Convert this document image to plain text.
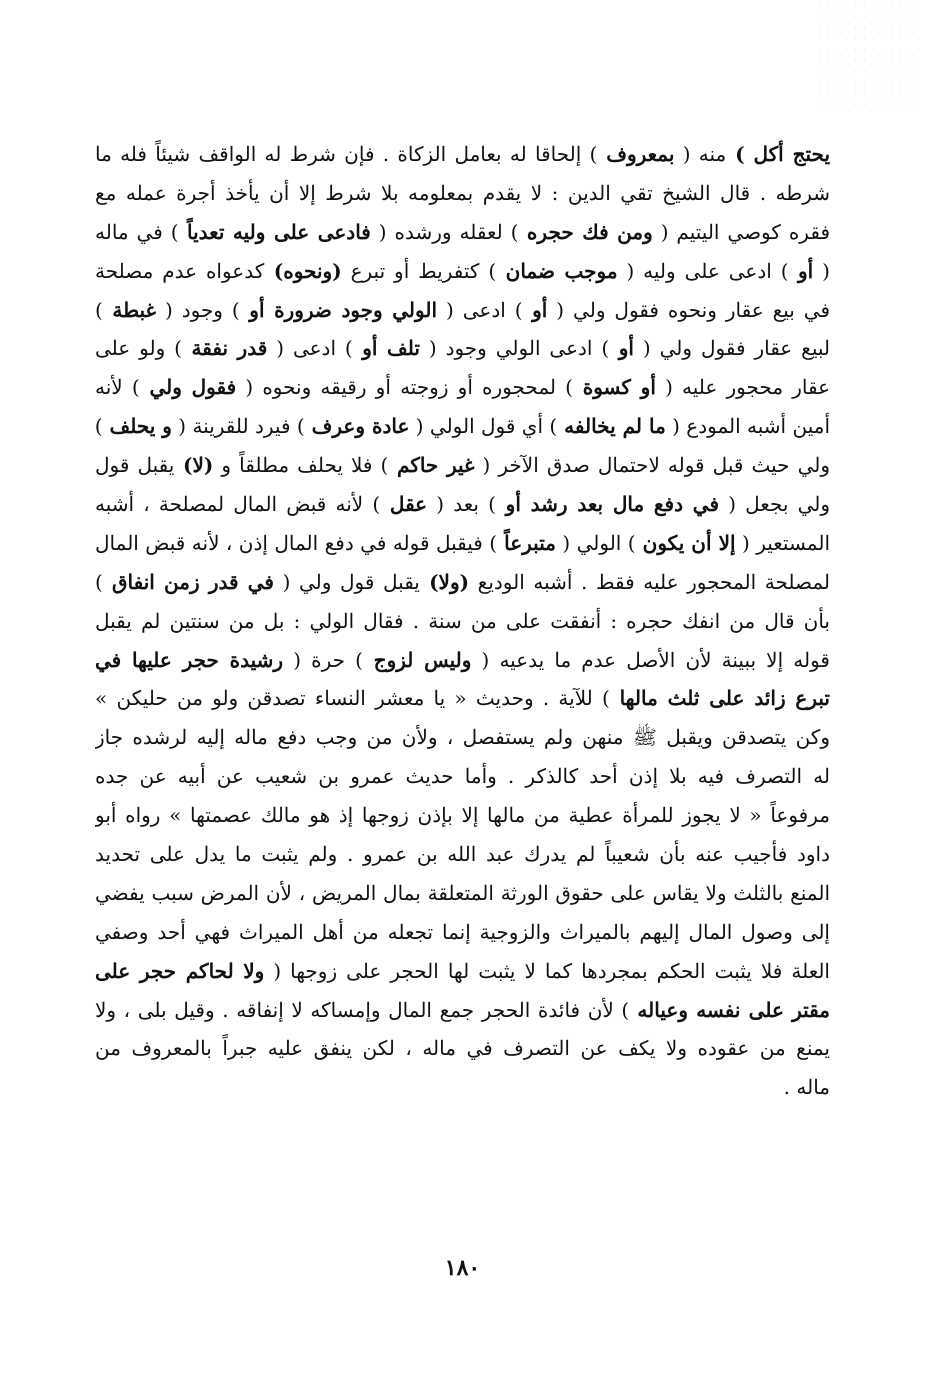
يحتج أكل ) منه ( بمعروف ) إلحاقا له بعامل الزكاة . فإن شرط له الواقف شيئاً فله ما
شرطه . قال الشيخ تقي الدين : لا يقدم بمعلومه بلا شرط إلا أن يأخذ أجرة عمله مع
فقره كوصي اليتيم ( ومن فك حجره ) لعقله ورشده ( فادعى على وليه تعدياً ) في ماله
( أو ) ادعى على وليه ( موجب ضمان ) كتفريط أو تبرع (ونحوه) كدعواه عدم مصلحة
في بيع عقار ونحوه فقول ولي ( أو ) ادعى ( الولي وجود ضرورة أو ) وجود ( غبطة )
لبيع عقار فقول ولي ( أو ) ادعى الولي وجود ( تلف أو ) ادعى ( قدر نفقة ) ولو على
عقار محجور عليه ( أو كسوة ) لمحجوره أو زوجته أو رقيقه ونحوه ( فقول ولي ) لأنه
أمين أشبه المودع ( ما لم يخالفه ) أي قول الولي ( عادة وعرف ) فيرد للقرينة ( و يحلف )
ولي حيث قبل قوله لاحتمال صدق الآخر ( غير حاكم ) فلا يحلف مطلقاً و (لا) يقبل قول
ولي بجعل ( في دفع مال بعد رشد أو ) بعد ( عقل ) لأنه قبض المال لمصلحة ، أشبه
المستعير ( إلا أن يكون ) الولي ( متبرعاً ) فيقبل قوله في دفع المال إذن ، لأنه قبض المال
لمصلحة المحجور عليه فقط . أشبه الوديع (ولا) يقبل قول ولي ( في قدر زمن انفاق )
بأن قال من انفك حجره : أنفقت على من سنة . فقال الولي : بل من سنتين لم يقبل
قوله إلا ببينة لأن الأصل عدم ما يدعيه ( وليس لزوج ) حرة ( رشيدة حجر عليها في
تبرع زائد على ثلث مالها ) للآية . وحديث « يا معشر النساء تصدقن ولو من حليكن »
وكن يتصدقن ويقبل ﷺ منهن ولم يستفصل ، ولأن من وجب دفع ماله إليه لرشده جاز
له التصرف فيه بلا إذن أحد كالذكر . وأما حديث عمرو بن شعيب عن أبيه عن جده
مرفوعاً « لا يجوز للمرأة عطية من مالها إلا بإذن زوجها إذ هو مالك عصمتها » رواه أبو
داود فأجيب عنه بأن شعيباً لم يدرك عبد الله بن عمرو . ولم يثبت ما يدل على تحديد
المنع بالثلث ولا يقاس على حقوق الورثة المتعلقة بمال المريض ، لأن المرض سبب يفضي
إلى وصول المال إليهم بالميراث والزوجية إنما تجعله من أهل الميراث فهي أحد وصفي
العلة فلا يثبت الحكم بمجردها كما لا يثبت لها الحجر على زوجها ( ولا لحاكم حجر على
مقتر على نفسه وعياله ) لأن فائدة الحجر جمع المال وإمساكه لا إنفاقه . وقيل بلى ، ولا
يمنع من عقوده ولا يكف عن التصرف في ماله ، لكن ينفق عليه جبراً بالمعروف من
ماله .
١٨٠
